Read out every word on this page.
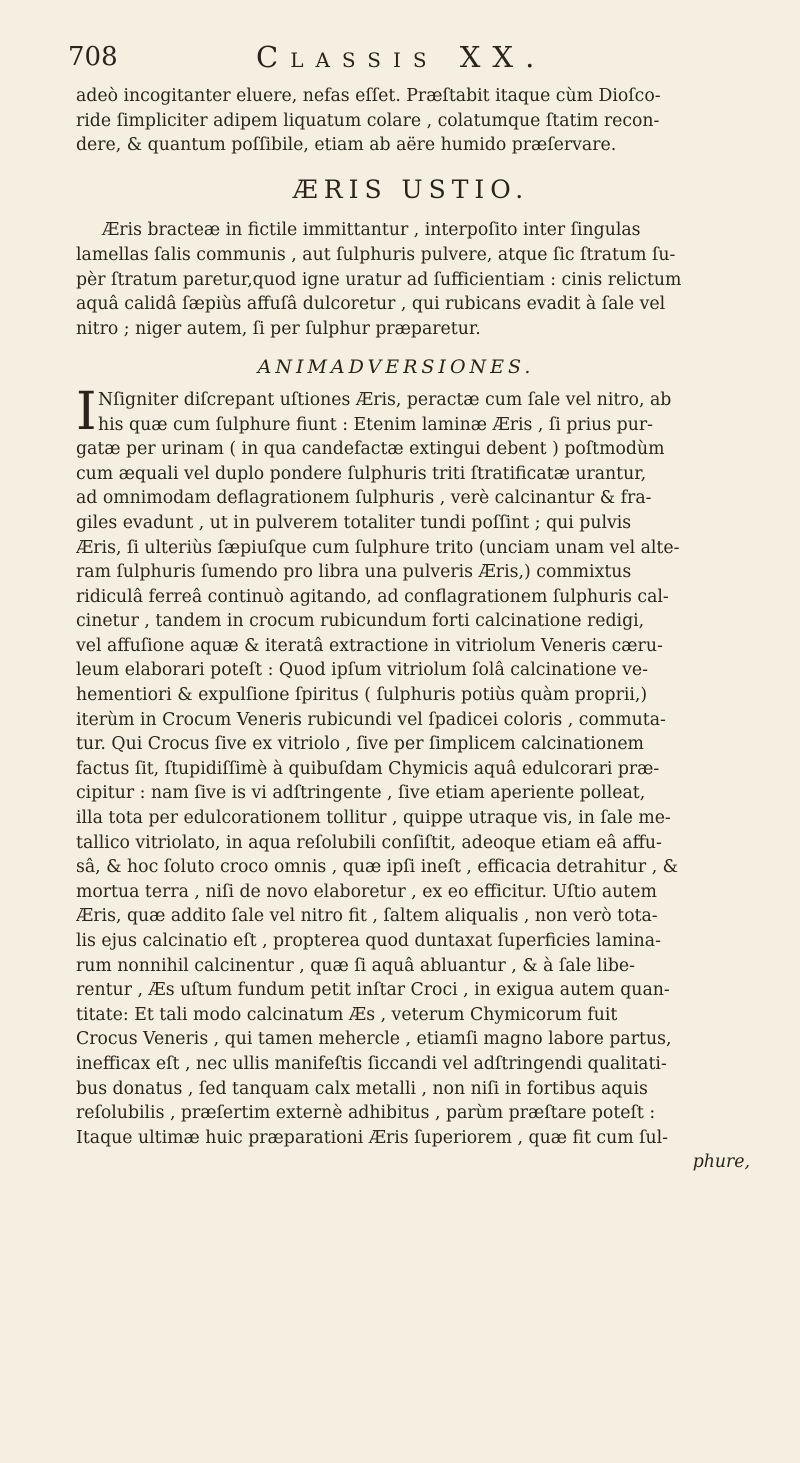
708	Classis XX.
adeò incogitanter eluere, nefas eſſet. Præſtabit itaque cùm Dioſco-
ride ſimpliciter adipem liquatum colare , colatumque ſtatim recon-
dere, & quantum poſſibile, etiam ab aëre humido præſervare.
ÆRIS USTIO.
Æris bracteæ in fictile immittantur , interpoſito inter ſingulas
lamellas ſalis communis , aut ſulphuris pulvere, atque ſic ſtratum ſu-
pèr ſtratum paretur,quod igne uratur ad ſufficientiam : cinis relictum
aquâ calidâ ſæpiùs affuſâ dulcoretur , qui rubicans evadit à ſale vel
nitro ; niger autem, ſi per ſulphur præparetur.
ANIMADVERSIONES.
I Nſigniter diſcrepant uſtiones Æris, peractæ cum ſale vel nitro, ab
his quæ cum ſulphure fiunt : Etenim laminæ Æris , ſi prius pur-
gatæ per urinam ( in qua candefactæ extingui debent ) poſtmodùm
cum æquali vel duplo pondere ſulphuris triti ſtratificatæ urantur,
ad omnimodam deflagrationem ſulphuris , verè calcinantur & fra-
giles evadunt , ut in pulverem totaliter tundi poſſint ; qui pulvis
Æris, ſi ulteriùs ſæpiuſque cum ſulphure trito (unciam unam vel alte-
ram ſulphuris ſumendo pro libra una pulveris Æris,) commixtus
ridiculâ ferreâ continuò agitando, ad conflagrationem ſulphuris cal-
cinetur , tandem in crocum rubicundum forti calcinatione redigi,
vel affuſione aquæ & iteratâ extractione in vitriolum Veneris cæru-
leum elaborari poteſt : Quod ipſum vitriolum ſolâ calcinatione ve-
hementiori & expulſione ſpiritus ( ſulphuris potiùs quàm proprii,)
iterùm in Crocum Veneris rubicundi vel ſpadicei coloris , commuta-
tur. Qui Crocus ſive ex vitriolo , ſive per ſimplicem calcinationem
factus ſit, ſtupidiſſimè à quibuſdam Chymicis aquâ edulcorari præ-
cipitur : nam ſive is vi adſtringente , ſive etiam aperiente polleat,
illa tota per edulcorationem tollitur , quippe utraque vis, in ſale me-
tallico vitriolato, in aqua reſolubili conſiſtit, adeoque etiam eâ affu-
sâ, & hoc ſoluto croco omnis , quæ ipſi ineſt , efficacia detrahitur , &
mortua terra , niſi de novo elaboretur , ex eo efficitur. Uſtio autem
Æris, quæ addito ſale vel nitro fit , ſaltem aliqualis , non verò tota-
lis ejus calcinatio eſt , propterea quod duntaxat ſuperficies lamina-
rum nonnihil calcinentur , quæ ſi aquâ abluantur , & à ſale libe-
rentur , Æs uſtum fundum petit inſtar Croci , in exigua autem quan-
titate: Et tali modo calcinatum Æs , veterum Chymicorum fuit
Crocus Veneris , qui tamen mehercle , etiamſi magno labore partus,
inefficax eſt , nec ullis manifeſtis ſiccandi vel adſtringendi qualitati-
bus donatus , ſed tanquam calx metalli , non niſi in fortibus aquis
reſolubilis , præſertim externè adhibitus , parùm præſtare poteſt :
Itaque ultimæ huic præparationi Æris ſuperiorem , quæ fit cum ſul-
phure,
